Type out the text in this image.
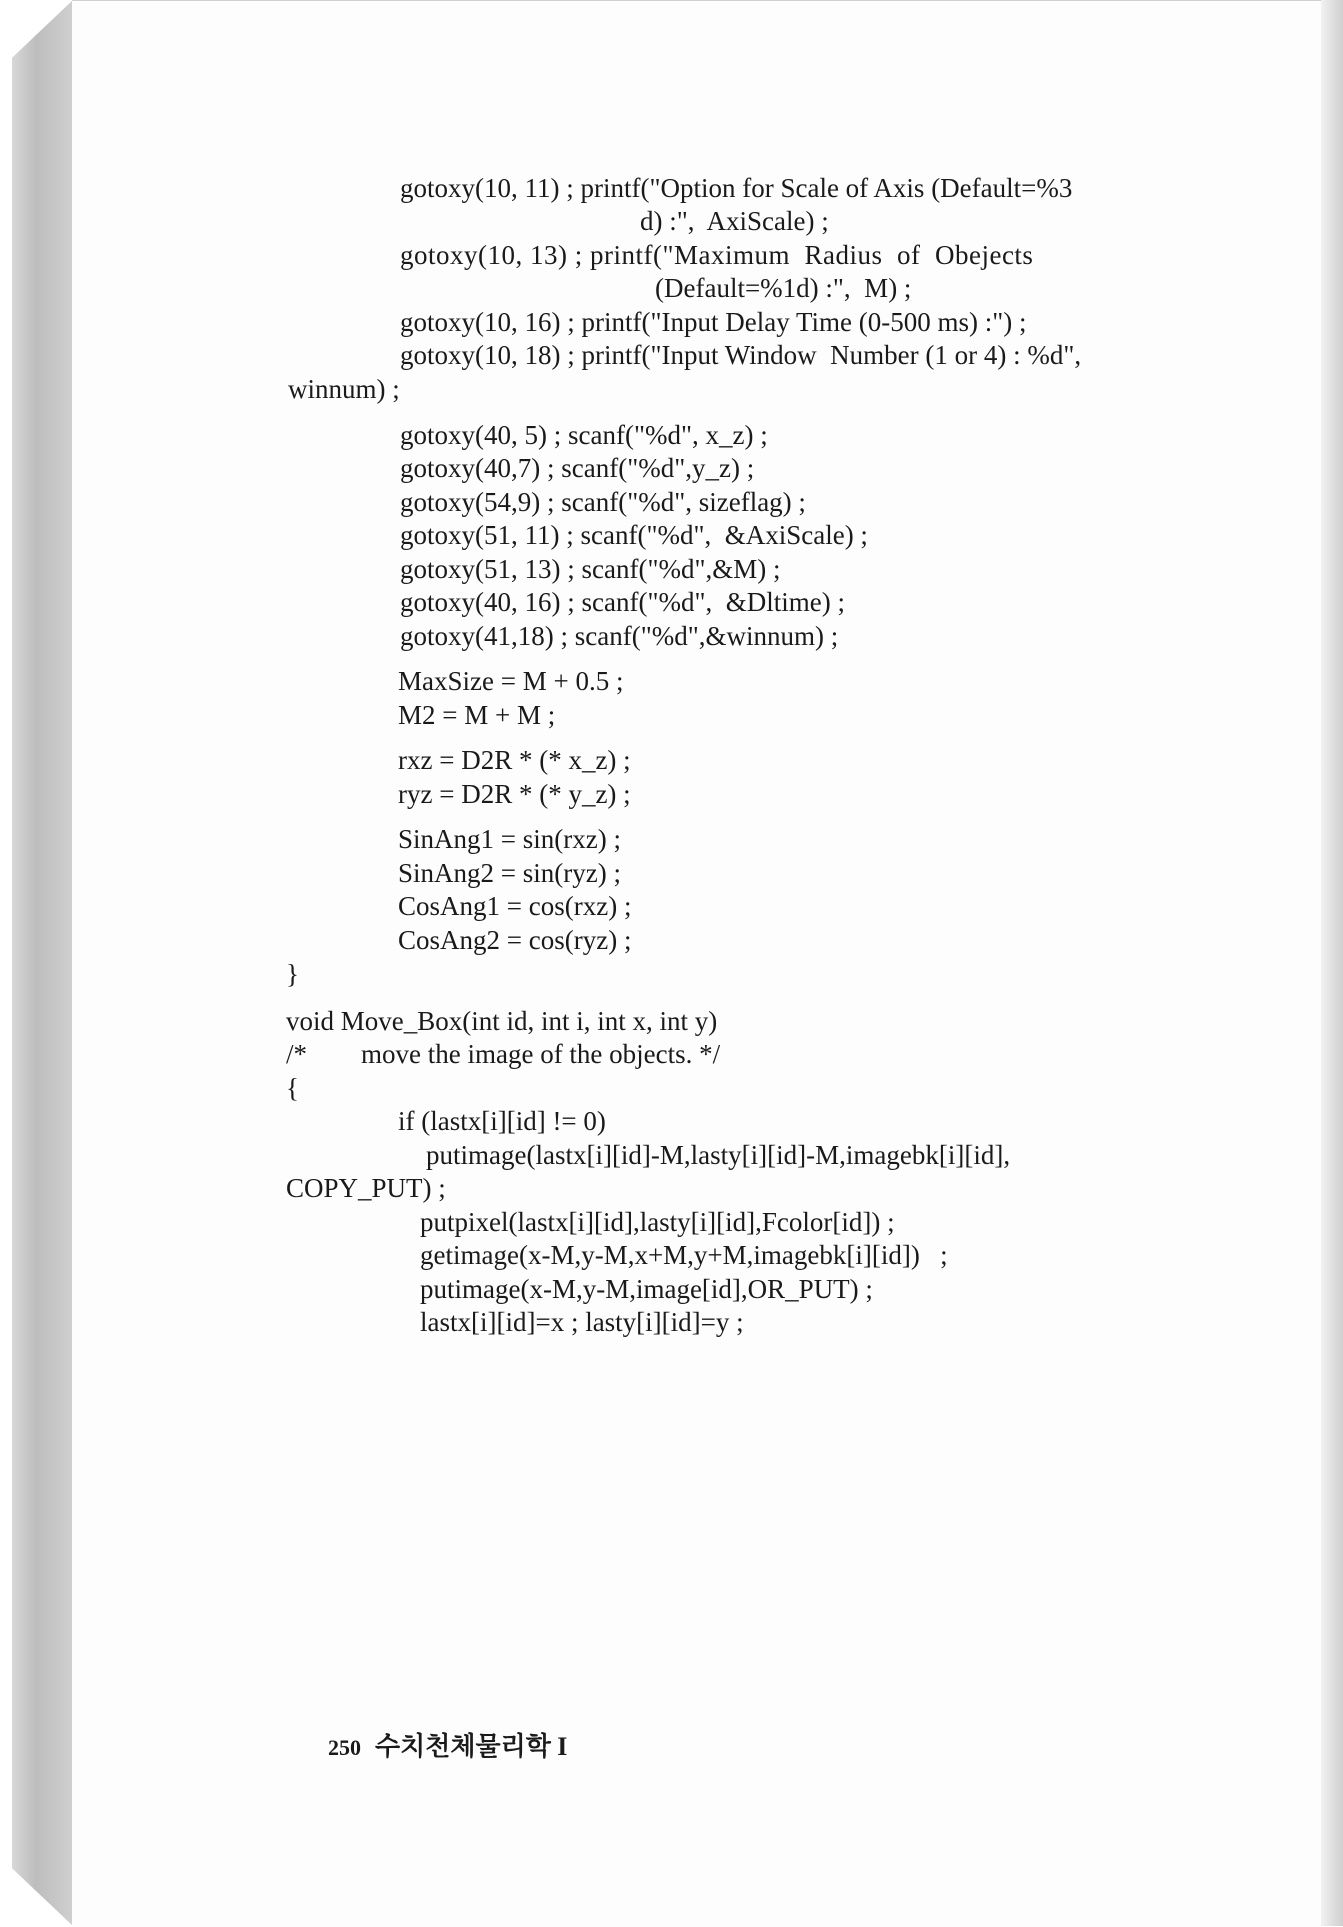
gotoxy(10, 11) ; printf("Option for Scale of Axis (Default=%3
d) :",  AxiScale) ;
gotoxy(10, 13) ; printf("Maximum  Radius  of  Obejects
(Default=%1d) :",  M) ;
gotoxy(10, 16) ; printf("Input Delay Time (0-500 ms) :") ;
gotoxy(10, 18) ; printf("Input Window  Number (1 or 4) : %d",
winnum) ;
gotoxy(40, 5) ; scanf("%d", x_z) ;
gotoxy(40,7) ; scanf("%d",y_z) ;
gotoxy(54,9) ; scanf("%d", sizeflag) ;
gotoxy(51, 11) ; scanf("%d",  &AxiScale) ;
gotoxy(51, 13) ; scanf("%d",&M) ;
gotoxy(40, 16) ; scanf("%d",  &Dltime) ;
gotoxy(41,18) ; scanf("%d",&winnum) ;
MaxSize = M + 0.5 ;
M2 = M + M ;
rxz = D2R * (* x_z) ;
ryz = D2R * (* y_z) ;
SinAng1 = sin(rxz) ;
SinAng2 = sin(ryz) ;
CosAng1 = cos(rxz) ;
CosAng2 = cos(ryz) ;
}
void Move_Box(int id, int i, int x, int y)
/*        move the image of the objects. */
{
if (lastx[i][id] != 0)
putimage(lastx[i][id]-M,lasty[i][id]-M,imagebk[i][id],
COPY_PUT) ;
putpixel(lastx[i][id],lasty[i][id],Fcolor[id]) ;
getimage(x-M,y-M,x+M,y+M,imagebk[i][id])   ;
putimage(x-M,y-M,image[id],OR_PUT) ;
lastx[i][id]=x ; lasty[i][id]=y ;

250 수치천체물리학 I
